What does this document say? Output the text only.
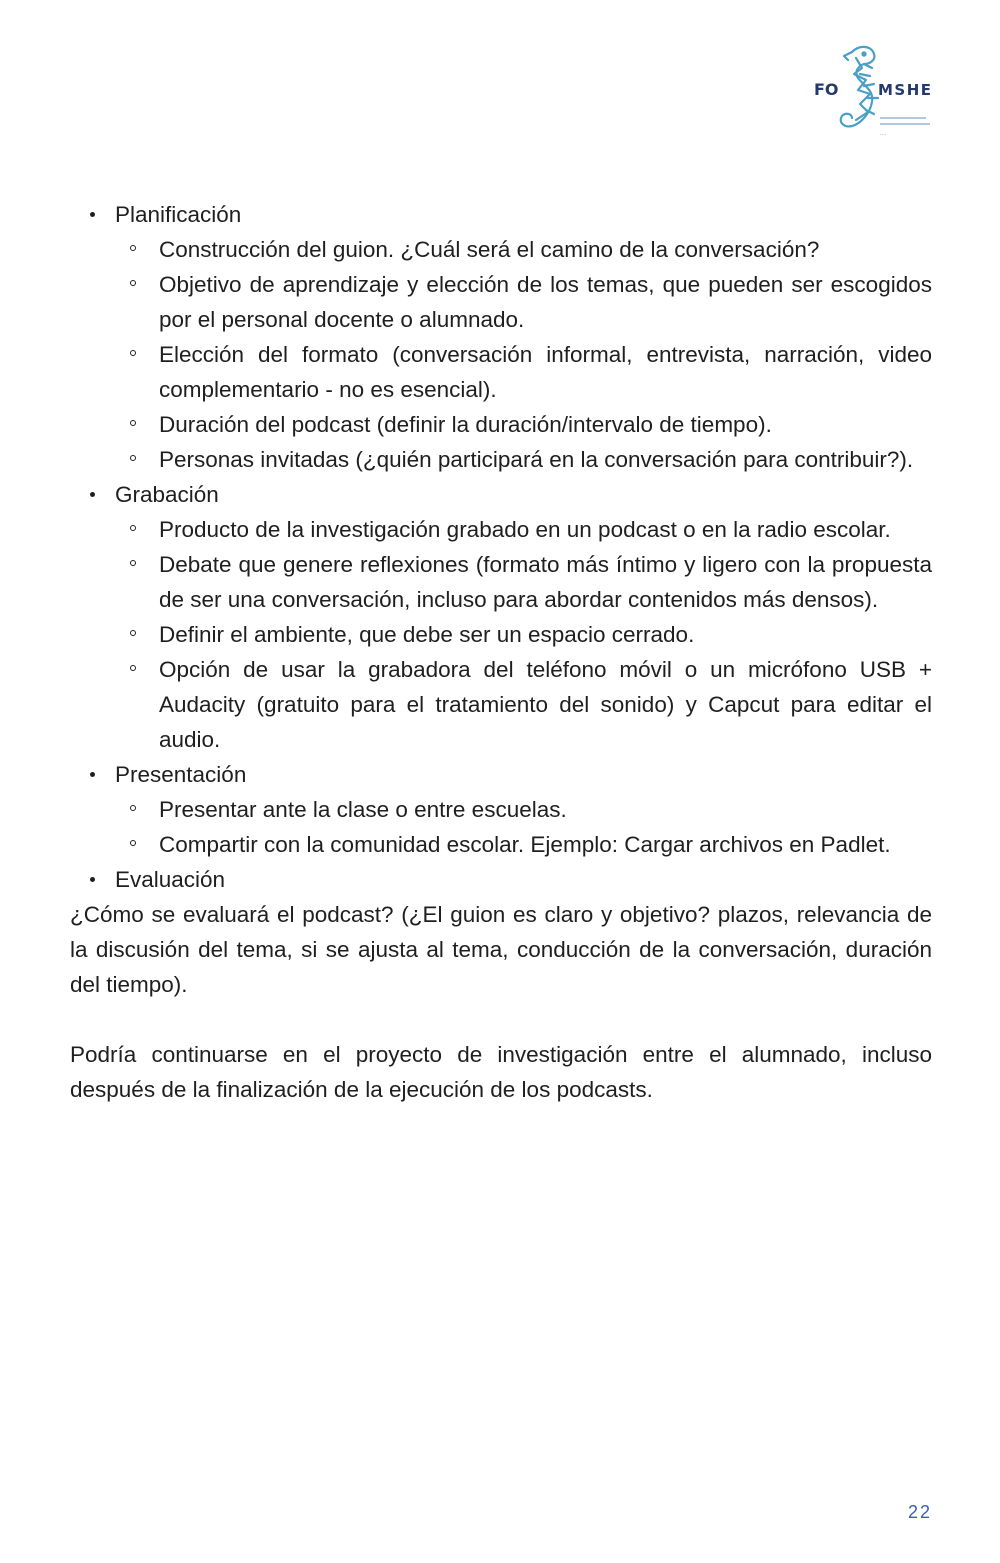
FO	MSHE
....
Planificación
Construcción del guion. ¿Cuál será el camino de la conversación?
Objetivo de aprendizaje y elección de los temas, que pueden ser escogidos por el personal docente o alumnado.
Elección del formato (conversación informal, entrevista, narración, video complementario - no es esencial).
Duración del podcast (definir la duración/intervalo de tiempo).
Personas invitadas (¿quién participará en la conversación para contribuir?).
Grabación
Producto de la investigación grabado en un podcast o en la radio escolar.
Debate que genere reflexiones (formato más íntimo y ligero con la propuesta de ser una conversación, incluso para abordar contenidos más densos).
Definir el ambiente, que debe ser un espacio cerrado.
Opción de usar la grabadora del teléfono móvil o un micrófono USB + Audacity (gratuito para el tratamiento del sonido) y Capcut para editar el audio.
Presentación
Presentar ante la clase o entre escuelas.
Compartir con la comunidad escolar. Ejemplo: Cargar archivos en Padlet.
Evaluación

¿Cómo se evaluará el podcast? (¿El guion es claro y objetivo? plazos, relevancia de la discusión del tema, si se ajusta al tema, conducción de la conversación, duración del tiempo).

Podría continuarse en el proyecto de investigación entre el alumnado, incluso después de la finalización de la ejecución de los podcasts.

22
